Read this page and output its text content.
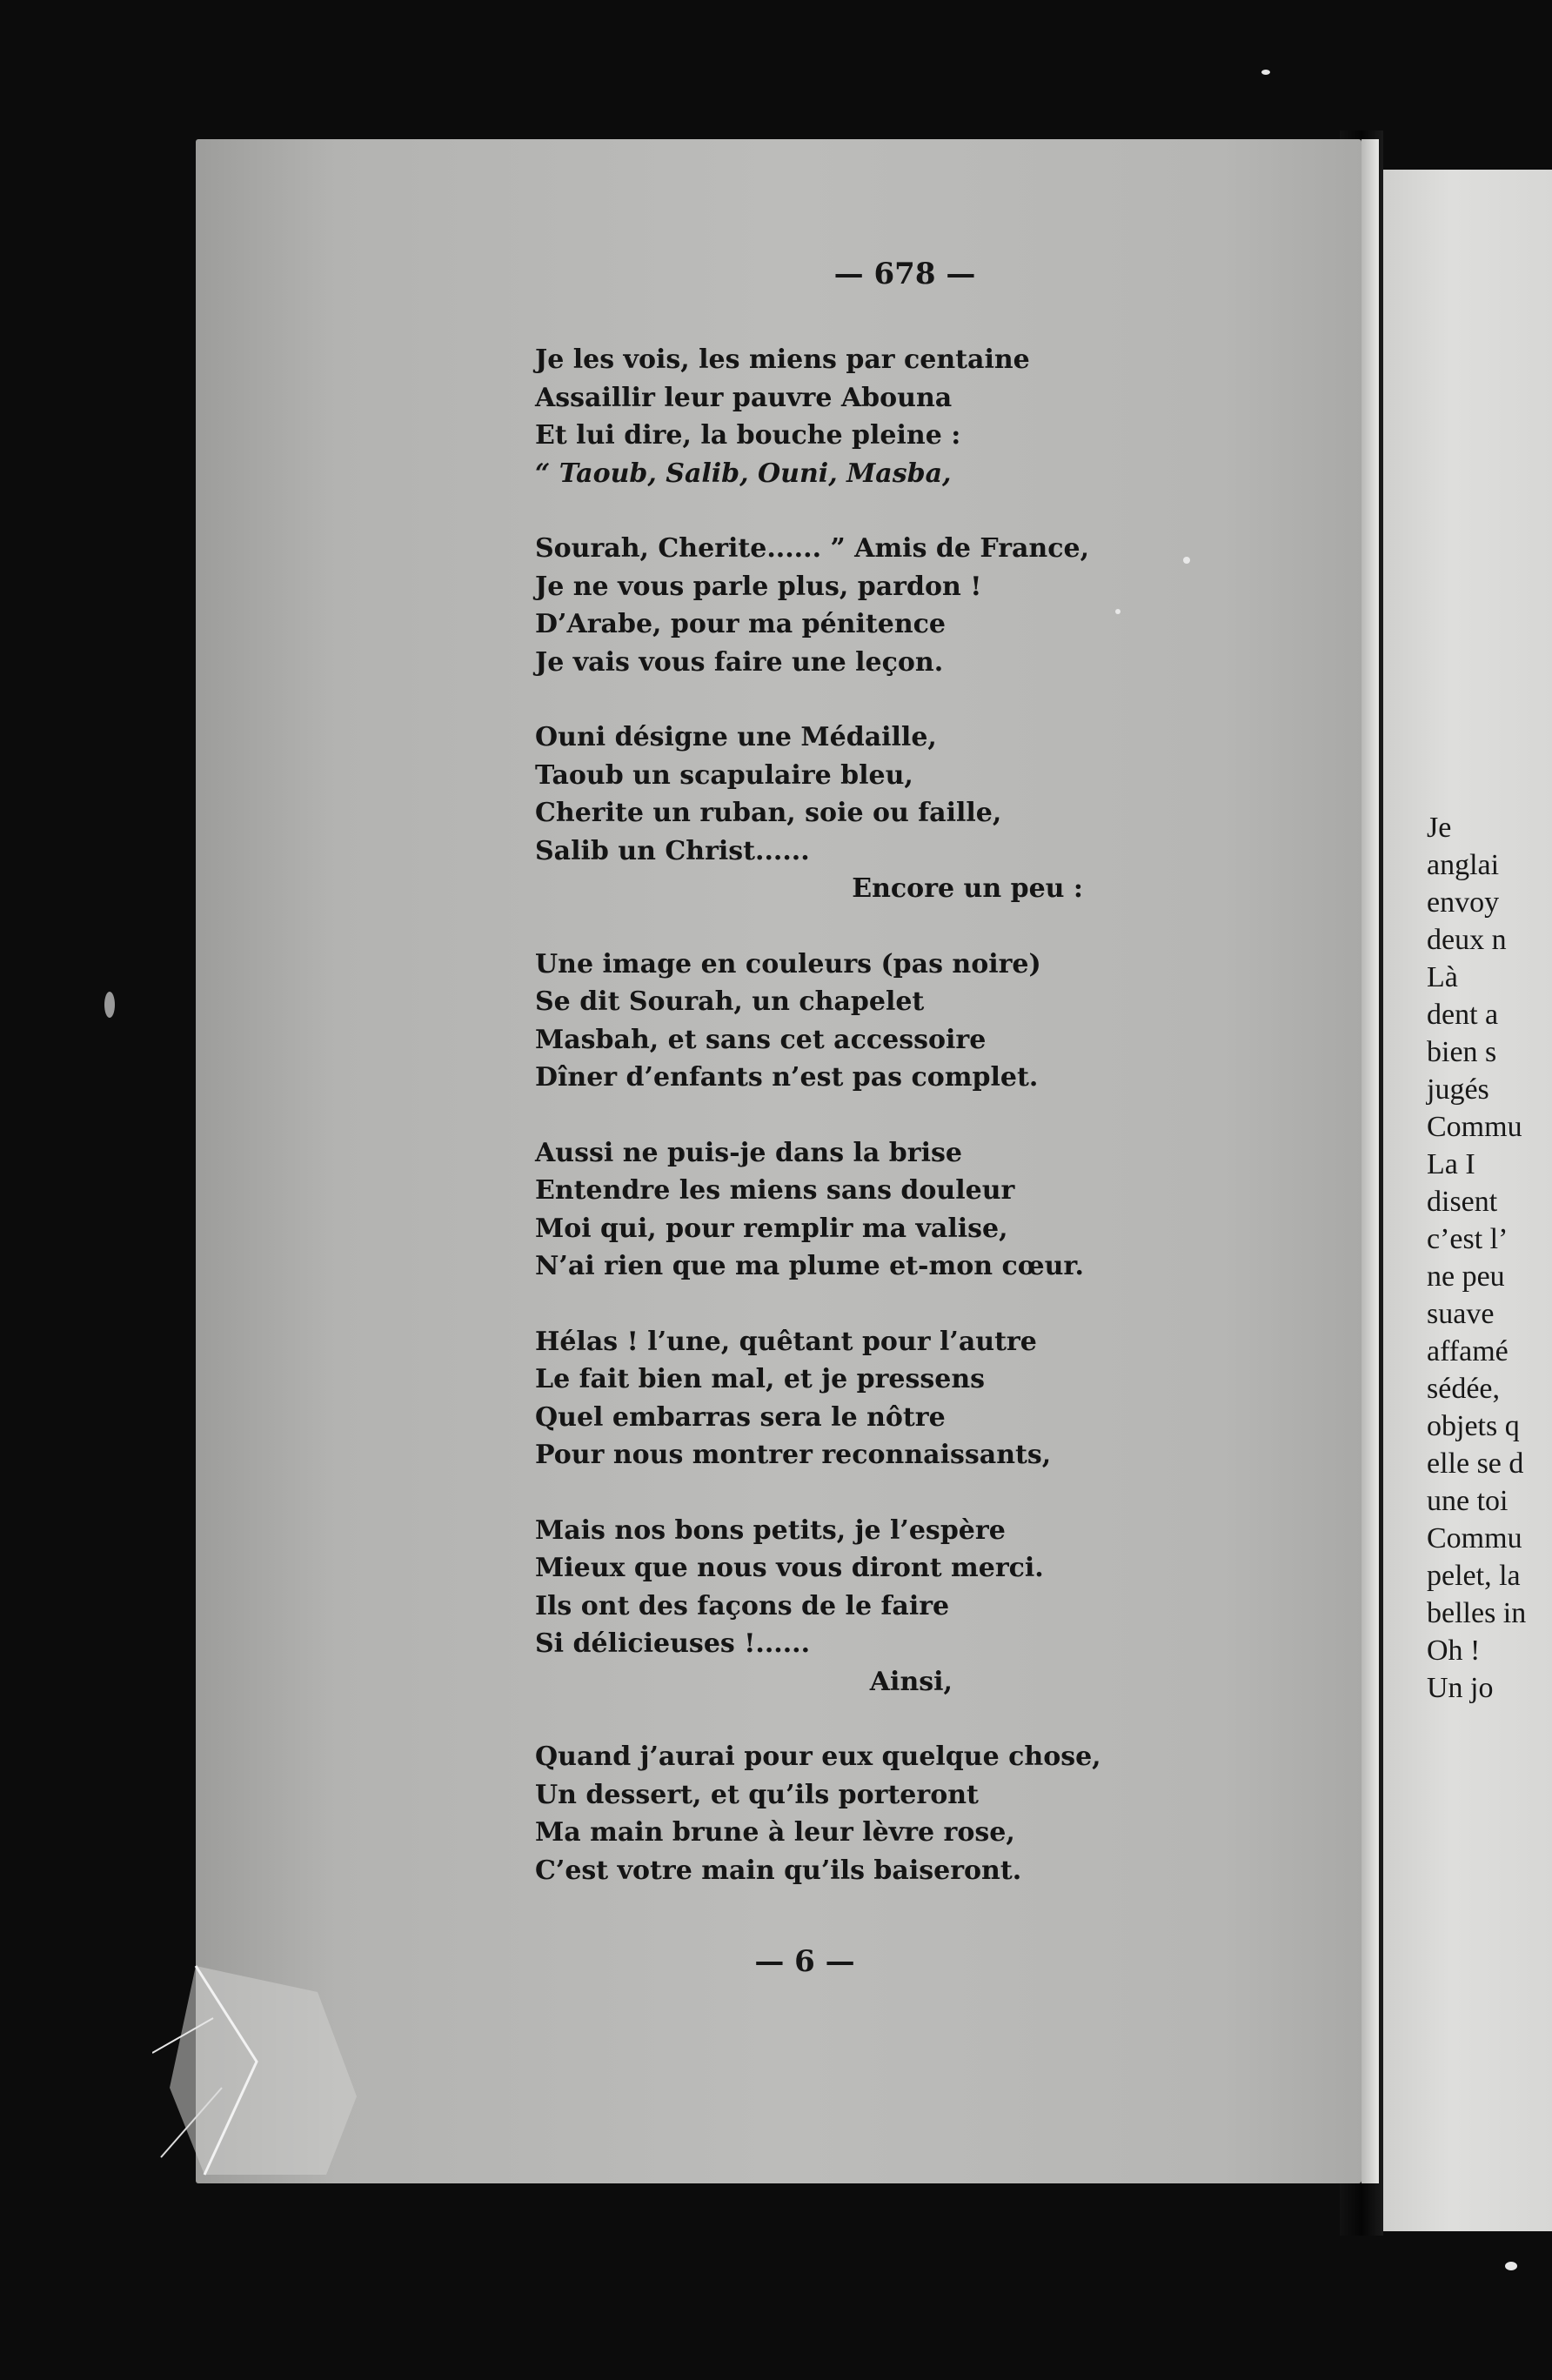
— 678 —
Je les vois, les miens par centaine
Assaillir leur pauvre Abouna
Et lui dire, la bouche pleine :
“ Taoub, Salib, Ouni, Masba,
Sourah, Cherite...... ” Amis de France,
Je ne vous parle plus, pardon !
D’Arabe, pour ma pénitence
Je vais vous faire une leçon.
Ouni désigne une Médaille,
Taoub un scapulaire bleu,
Cherite un ruban, soie ou faille,
Salib un Christ......
Encore un peu :
Une image en couleurs (pas noire)
Se dit Sourah, un chapelet
Masbah, et sans cet accessoire
Dîner d’enfants n’est pas complet.
Aussi ne puis-je dans la brise
Entendre les miens sans douleur
Moi qui, pour remplir ma valise,
N’ai rien que ma plume et-mon cœur.
Hélas ! l’une, quêtant pour l’autre
Le fait bien mal, et je pressens
Quel embarras sera le nôtre
Pour nous montrer reconnaissants,
Mais nos bons petits, je l’espère
Mieux que nous vous diront merci.
Ils ont des façons de le faire
Si délicieuses !......
Ainsi,
Quand j’aurai pour eux quelque chose,
Un dessert, et qu’ils porteront
Ma main brune à leur lèvre rose,
C’est votre main qu’ils baiseront.
— 6 —
Je
anglai
envoy
deux n
Là
dent a
bien s
jugés
Commu
La I
disent
c’est l’
ne peu
suave
affamé
sédée,
objets q
elle se d
une toi
Commu
pelet, la
belles in
Oh !
Un jo
